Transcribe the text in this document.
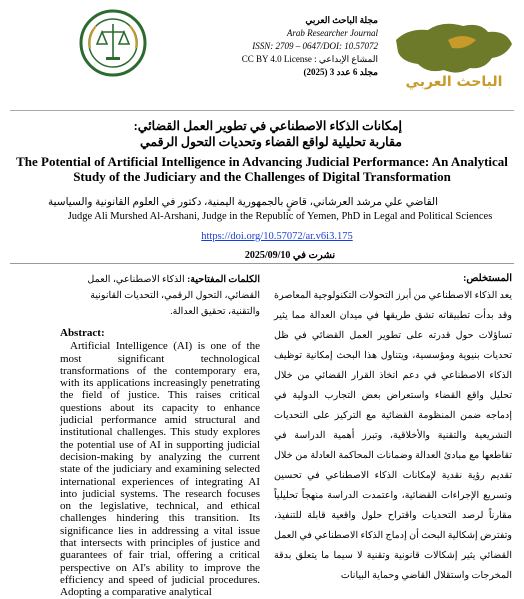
مجلة الباحث العربي
Arab Researcher Journal
ISSN: 2709 – 0647/DOI: 10.57072
CC BY 4.0 License : المشاع الإبداعي
مجلد 6 عدد 3 (2025)
الباحث العربي
إمكانات الذكاء الاصطناعي في تطوير العمل القضائي:
مقاربة تحليلية لواقع القضاء وتحديات التحول الرقمي
The Potential of Artificial Intelligence in Advancing Judicial Performance: An Analytical Study of the Judiciary and the Challenges of Digital Transformation
القاضي علي مرشد العرشاني، قاضٍ بالجمهورية اليمنية، دكتور في العلوم القانونية والسياسية
Judge Ali Murshed Al-Arshani, Judge in the Republic of Yemen, PhD in Legal and Political Sciences
https://doi.org/10.57072/ar.v6i3.175
نشرت في 2025/09/10
الكلمات المفتاحية: الذكاء الاصطناعي، العمل القضائي، التحول الرقمي، التحديات القانونية والتقنية، تحقيق العدالة.
Abstract:
Artificial Intelligence (AI) is one of the most significant technological transformations of the contemporary era, with its applications increasingly penetrating the field of justice. This raises critical questions about its capacity to enhance judicial performance amid structural and institutional challenges. This study explores the potential use of AI in supporting judicial decision-making by analyzing the current state of the judiciary and examining selected international experiences of integrating AI into judicial systems. The research focuses on the legislative, technical, and ethical challenges hindering this transition. Its significance lies in addressing a vital issue that intersects with principles of justice and guarantees of fair trial, offering a critical perspective on AI's ability to improve the efficiency and speed of judicial procedures. Adopting a comparative analytical
المستخلص:
يعد الذكاء الاصطناعي من أبرز التحولات التكنولوجية المعاصرة وقد بدأت تطبيقاته تشق طريقها في ميدان العدالة مما يثير تساؤلات حول قدرته على تطوير العمل القضائي في ظل تحديات بنيوية ومؤسسية، ويتناول هذا البحث إمكانية توظيف الذكاء الاصطناعي في دعم اتخاذ القرار القضائي من خلال تحليل واقع القضاء واستعراض بعض التجارب الدولية في إدماجه ضمن المنظومة القضائية مع التركيز على التحديات التشريعية والتقنية والأخلاقية، وتبرز أهمية الدراسة في تقاطعها مع مبادئ العدالة وضمانات المحاكمة العادلة من خلال تقديم رؤية نقدية لإمكانات الذكاء الاصطناعي في تحسين وتسريع الإجراءات القضائية، واعتمدت الدراسة منهجاً تحليلياً مقارناً لرصد التحديات واقتراح حلول واقعية قابلة للتنفيذ، وتفترض إشكالية البحث أن إدماج الذكاء الاصطناعي في العمل القضائي يثير إشكالات قانونية وتقنية لا سيما ما يتعلق بدقة المخرجات واستقلال القاضي وحماية البيانات
